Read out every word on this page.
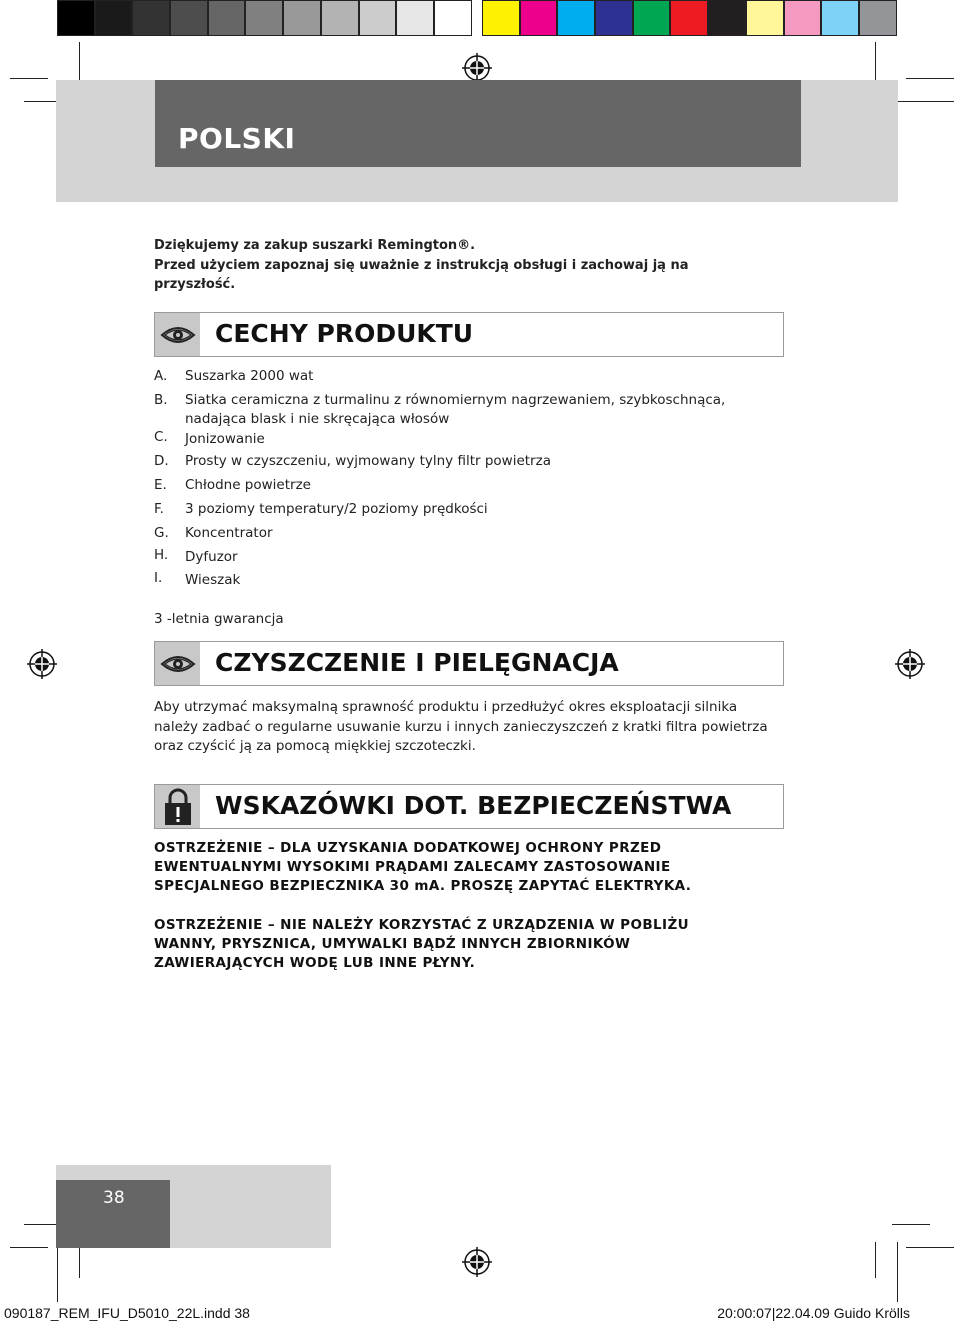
POLSKI
Dziękujemy za zakup suszarki Remington®.
Przed użyciem zapoznaj się uważnie z instrukcją obsługi i zachowaj ją na
przyszłość.
CECHY PRODUKTU
A. Suszarka 2000 wat
B. Siatka ceramiczna z turmalinu z równomiernym nagrzewaniem, szybkoschnąca,
nadająca blask i nie skręcająca włosów
C. Jonizowanie
D. Prosty w czyszczeniu, wyjmowany tylny filtr powietrza
E. Chłodne powietrze
F. 3 poziomy temperatury/2 poziomy prędkości
G. Koncentrator
H. Dyfuzor
I. Wieszak
3 -letnia gwarancja
CZYSZCZENIE I PIELĘGNACJA
Aby utrzymać maksymalną sprawność produktu i przedłużyć okres eksploatacji silnika
należy zadbać o regularne usuwanie kurzu i innych zanieczyszczeń z kratki filtra powietrza
oraz czyścić ją za pomocą miękkiej szczoteczki.
WSKAZÓWKI DOT. BEZPIECZEŃSTWA
OSTRZEŻENIE – DLA UZYSKANIA DODATKOWEJ OCHRONY PRZED
EWENTUALNYMI WYSOKIMI PRĄDAMI ZALECAMY ZASTOSOWANIE
SPECJALNEGO BEZPIECZNIKA 30 mA. PROSZĘ ZAPYTAĆ ELEKTRYKA.
OSTRZEŻENIE – NIE NALEŻY KORZYSTAĆ Z URZĄDZENIA W POBLIŻU
WANNY, PRYSZNICA, UMYWALKI BĄDŹ INNYCH ZBIORNIKÓW
ZAWIERAJĄCYCH WODĘ LUB INNE PŁYNY.
38
090187_REM_IFU_D5010_22L.indd 38	20:00:07|22.04.09 Guido Krölls
